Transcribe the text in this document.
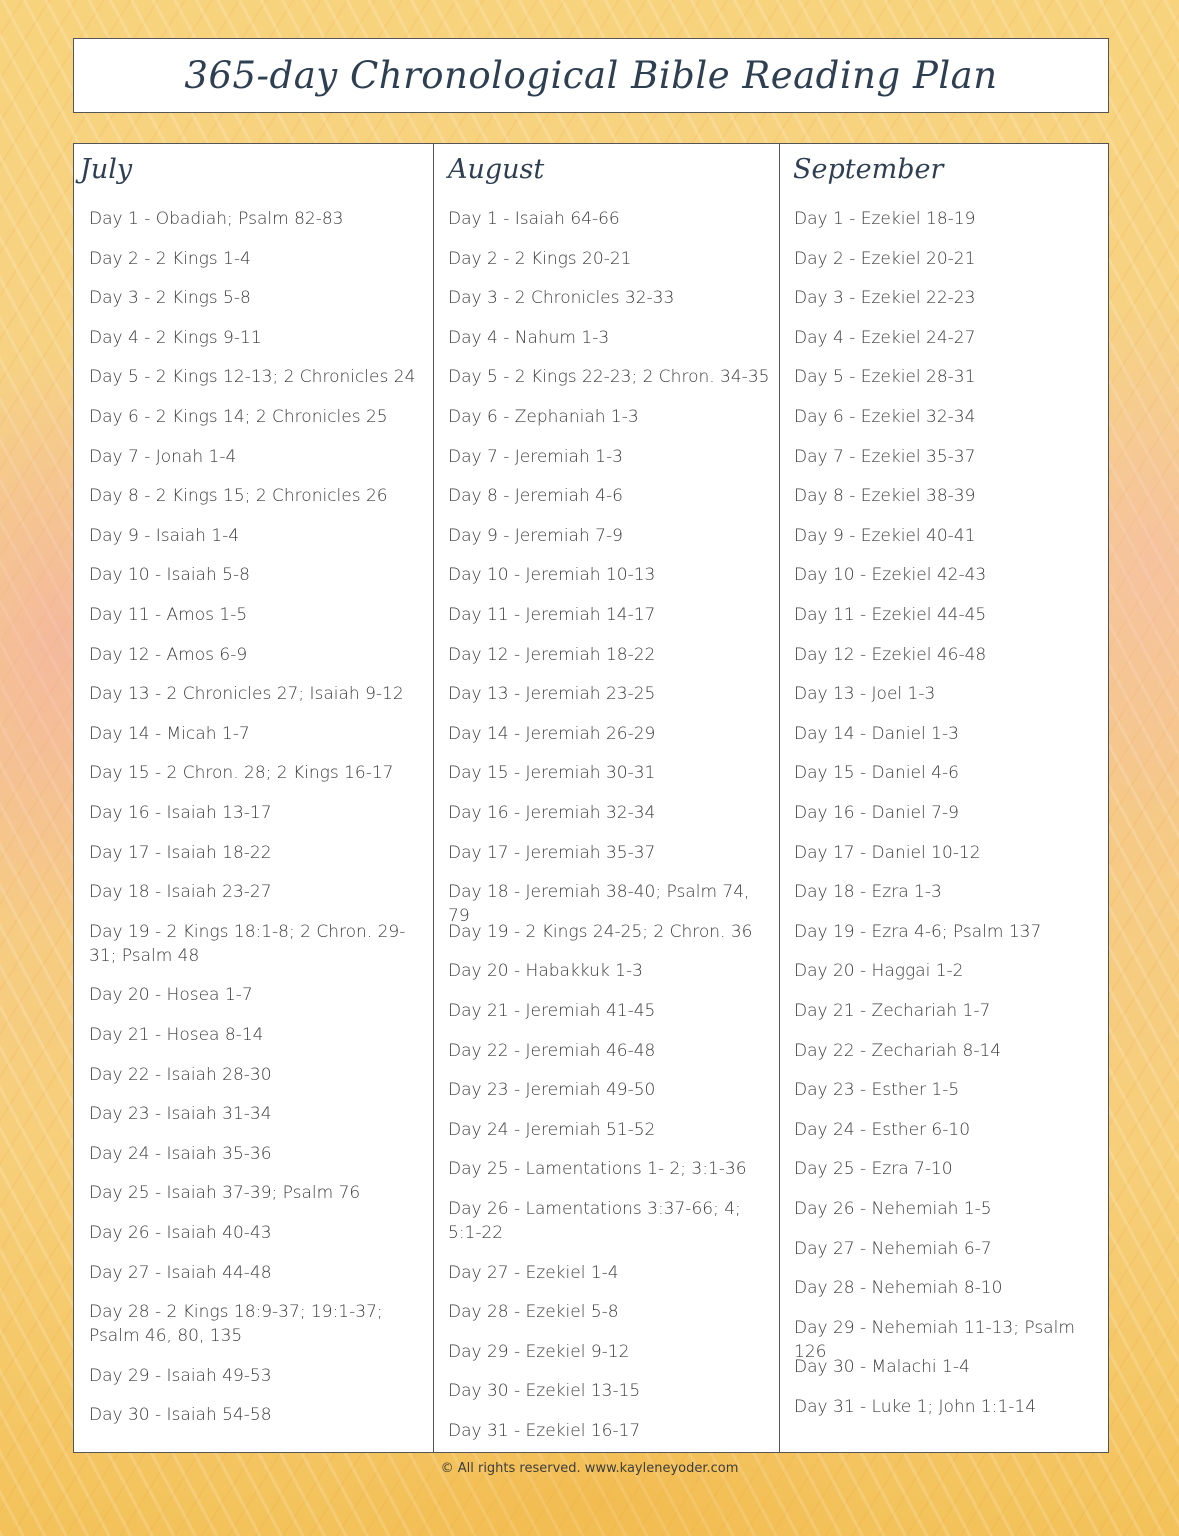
365-day Chronological Bible Reading Plan
July

Day 1 - Obadiah; Psalm 82-83

Day 2 - 2 Kings 1-4

Day 3 - 2 Kings 5-8

Day 4 - 2 Kings 9-11

Day 5 - 2 Kings 12-13; 2 Chronicles 24

Day 6 - 2 Kings 14; 2 Chronicles 25

Day 7 - Jonah 1-4

Day 8 - 2 Kings 15; 2 Chronicles 26

Day 9 - Isaiah 1-4

Day 10 - Isaiah 5-8

Day 11 - Amos 1-5

Day 12 - Amos 6-9

Day 13 - 2 Chronicles 27; Isaiah 9-12

Day 14 - Micah 1-7

Day 15 - 2 Chron. 28; 2 Kings 16-17

Day 16 - Isaiah 13-17

Day 17 - Isaiah 18-22

Day 18 - Isaiah 23-27

Day 19 - 2 Kings 18:1-8; 2 Chron. 29-31; Psalm 48

Day 20 - Hosea 1-7

Day 21 - Hosea 8-14

Day 22 - Isaiah 28-30

Day 23 - Isaiah 31-34

Day 24 - Isaiah 35-36

Day 25 - Isaiah 37-39; Psalm 76

Day 26 - Isaiah 40-43

Day 27 - Isaiah 44-48

Day 28 - 2 Kings 18:9-37; 19:1-37; Psalm 46, 80, 135

Day 29 - Isaiah 49-53

Day 30 - Isaiah 54-58

August

Day 1 - Isaiah 64-66

Day 2 - 2 Kings 20-21

Day 3 - 2 Chronicles 32-33

Day 4 - Nahum 1-3

Day 5 - 2 Kings 22-23; 2 Chron. 34-35

Day 6 - Zephaniah 1-3

Day 7 - Jeremiah 1-3

Day 8 - Jeremiah 4-6

Day 9 - Jeremiah 7-9

Day 10 - Jeremiah 10-13

Day 11 - Jeremiah 14-17

Day 12 - Jeremiah 18-22

Day 13 - Jeremiah 23-25

Day 14 - Jeremiah 26-29

Day 15 - Jeremiah 30-31

Day 16 - Jeremiah 32-34

Day 17 - Jeremiah 35-37

Day 18 - Jeremiah 38-40; Psalm 74, 79

Day 19 - 2 Kings 24-25; 2 Chron. 36

Day 20 - Habakkuk 1-3

Day 21 - Jeremiah 41-45

Day 22 - Jeremiah 46-48

Day 23 - Jeremiah 49-50

Day 24 - Jeremiah 51-52

Day 25 - Lamentations 1- 2; 3:1-36

Day 26 - Lamentations 3:37-66; 4; 5:1-22

Day 27 - Ezekiel 1-4

Day 28 - Ezekiel 5-8

Day 29 - Ezekiel 9-12

Day 30 - Ezekiel 13-15

Day 31 - Ezekiel 16-17

September

Day 1 - Ezekiel 18-19

Day 2 - Ezekiel 20-21

Day 3 - Ezekiel 22-23

Day 4 - Ezekiel 24-27

Day 5 - Ezekiel 28-31

Day 6 - Ezekiel 32-34

Day 7 - Ezekiel 35-37

Day 8 - Ezekiel 38-39

Day 9 - Ezekiel 40-41

Day 10 - Ezekiel 42-43

Day 11 - Ezekiel 44-45

Day 12 - Ezekiel 46-48

Day 13 - Joel 1-3

Day 14 - Daniel 1-3

Day 15 - Daniel 4-6

Day 16 - Daniel 7-9

Day 17 - Daniel 10-12

Day 18 - Ezra 1-3

Day 19 - Ezra 4-6; Psalm 137

Day 20 - Haggai 1-2

Day 21 - Zechariah 1-7

Day 22 - Zechariah 8-14

Day 23 - Esther 1-5

Day 24 - Esther 6-10

Day 25 - Ezra 7-10

Day 26 - Nehemiah 1-5

Day 27 - Nehemiah 6-7

Day 28 - Nehemiah 8-10

Day 29 - Nehemiah 11-13; Psalm 126

Day 30 - Malachi 1-4

Day 31 - Luke 1; John 1:1-14

© All rights reserved. www.kayleneyoder.com
